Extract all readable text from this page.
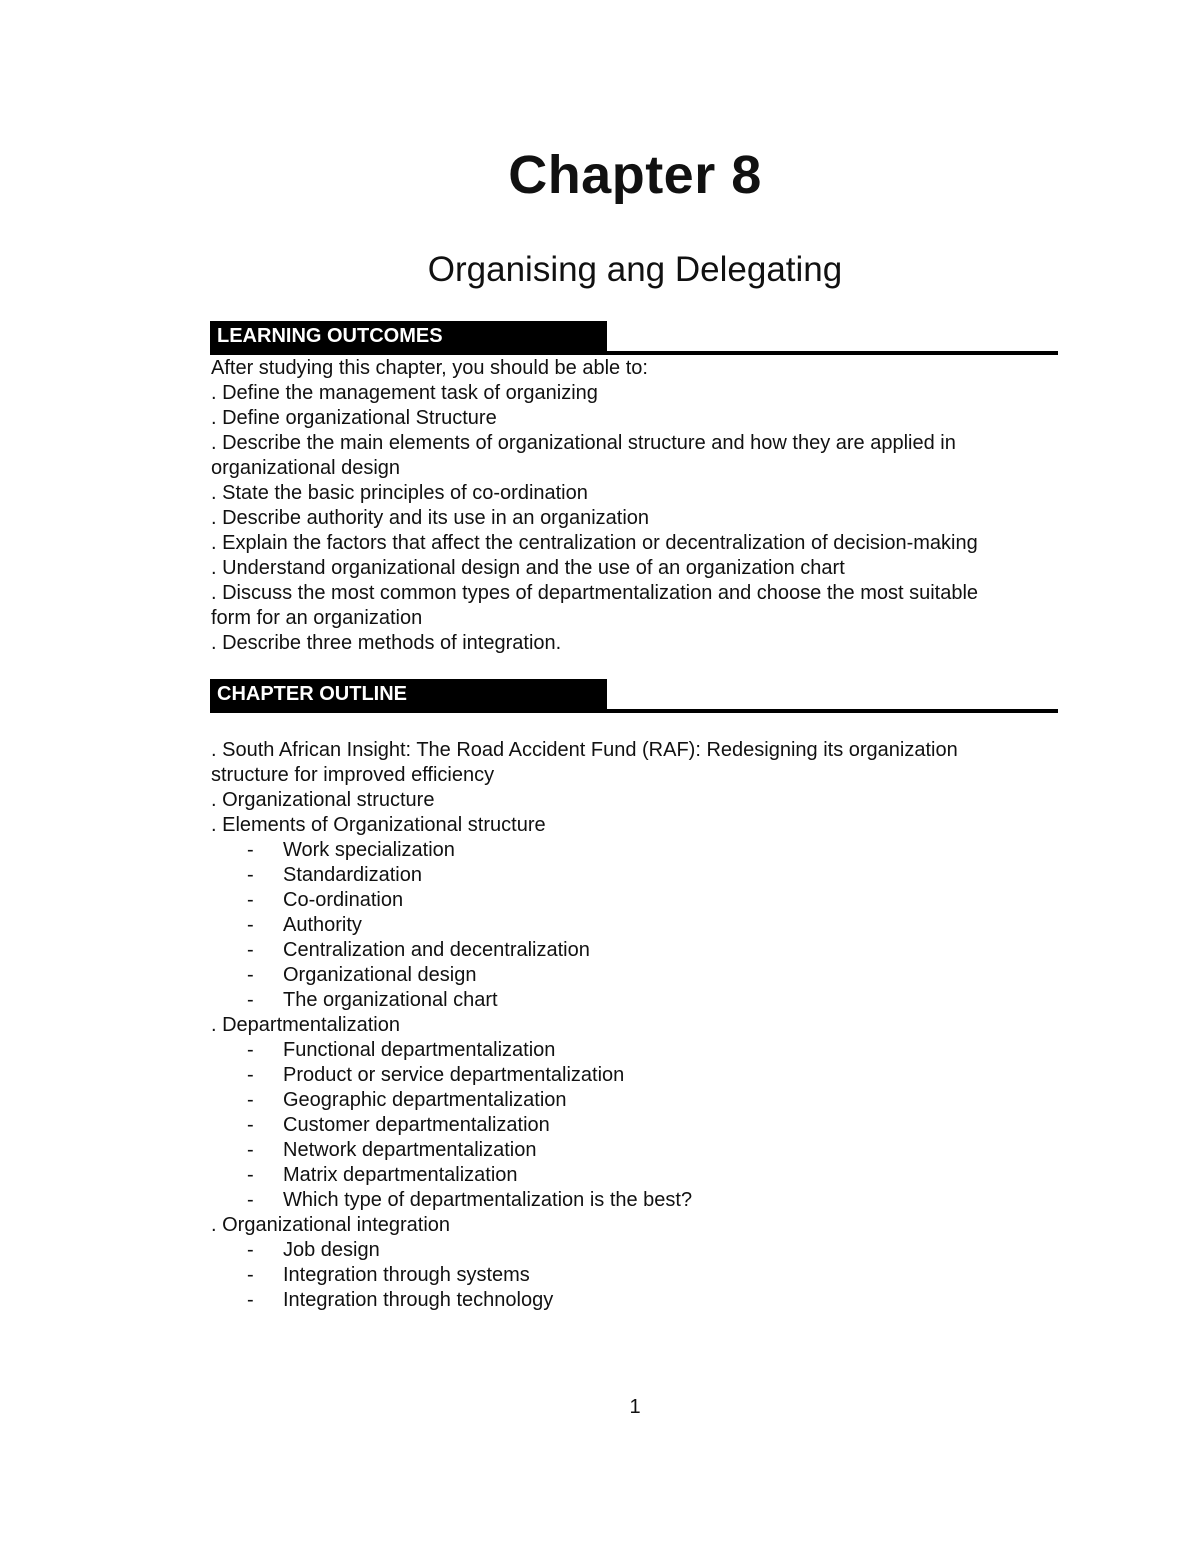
Chapter 8
Organising ang Delegating
LEARNING OUTCOMES
After studying this chapter, you should be able to:
. Define the management task of organizing
. Define organizational Structure
. Describe the main elements of organizational structure and how they are applied in
organizational design
. State the basic principles of co-ordination
. Describe authority and its use in an organization
. Explain the factors that affect the centralization or decentralization of decision-making
. Understand organizational design and the use of an organization chart
. Discuss the most common types of departmentalization and choose the most suitable
form for an organization
. Describe three methods of integration.
CHAPTER OUTLINE
. South African Insight: The Road Accident Fund (RAF): Redesigning its organization
structure for improved efficiency
. Organizational structure
. Elements of Organizational structure
- Work specialization
- Standardization
- Co-ordination
- Authority
- Centralization and decentralization
- Organizational design
- The organizational chart
. Departmentalization
- Functional departmentalization
- Product or service departmentalization
- Geographic departmentalization
- Customer departmentalization
- Network departmentalization
- Matrix departmentalization
- Which type of departmentalization is the best?
. Organizational integration
- Job design
- Integration through systems
- Integration through technology
1
